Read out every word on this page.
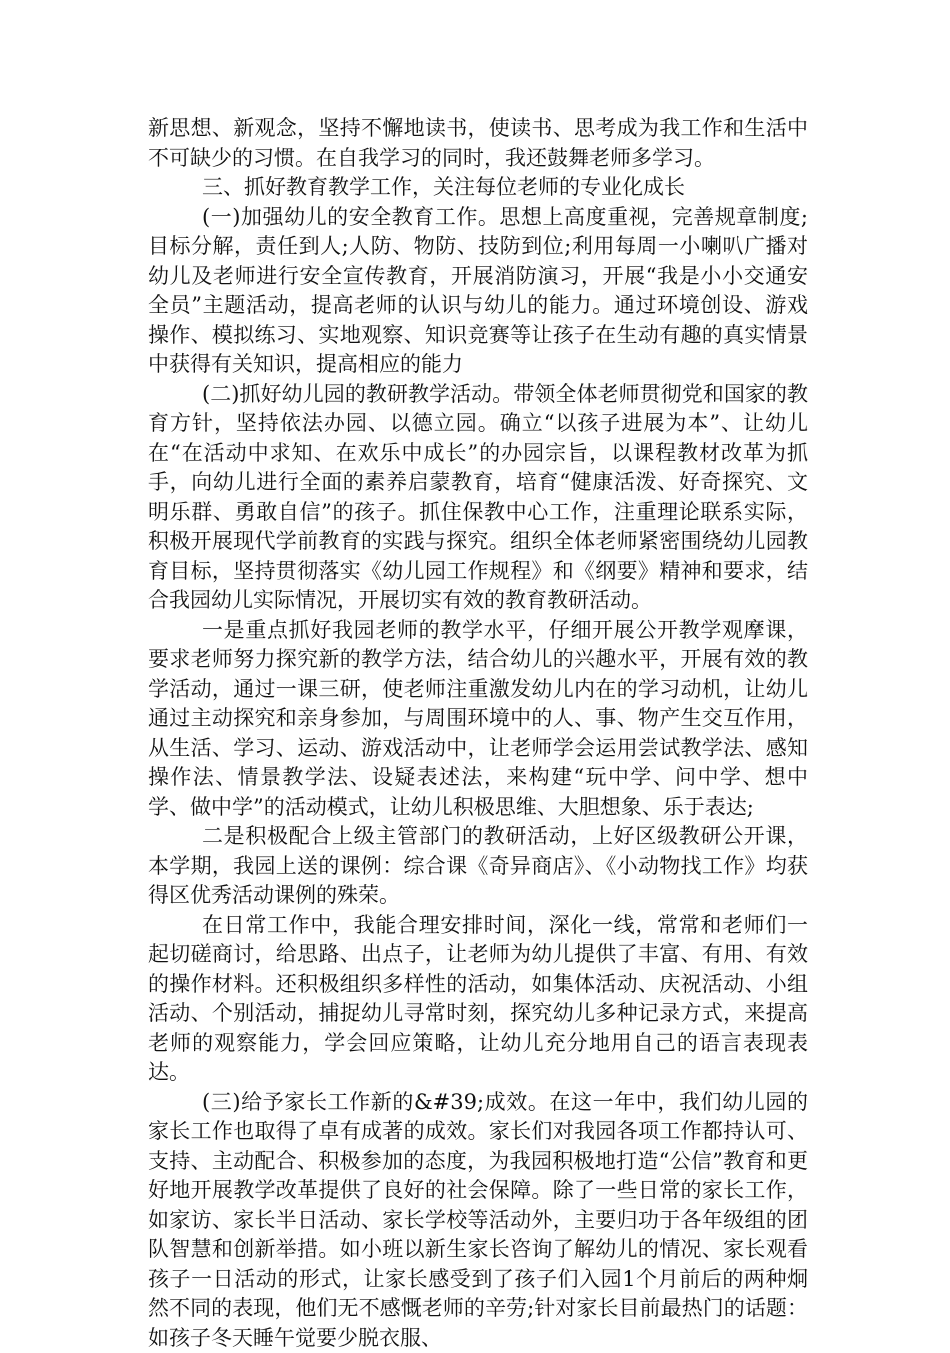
新思想、新观念，坚持不懈地读书，使读书、思考成为我工作和生活中不可缺少的习惯。在自我学习的同时，我还鼓舞老师多学习。

三、抓好教育教学工作，关注每位老师的专业化成长

(一)加强幼儿的安全教育工作。思想上高度重视，完善规章制度;目标分解，责任到人;人防、物防、技防到位;利用每周一小喇叭广播对幼儿及老师进行安全宣传教育，开展消防演习，开展“我是小小交通安全员”主题活动，提高老师的认识与幼儿的能力。通过环境创设、游戏操作、模拟练习、实地观察、知识竞赛等让孩子在生动有趣的真实情景中获得有关知识，提高相应的能力

(二)抓好幼儿园的教研教学活动。带领全体老师贯彻党和国家的教育方针，坚持依法办园、以德立园。确立“以孩子进展为本”、让幼儿在“在活动中求知、在欢乐中成长”的办园宗旨，以课程教材改革为抓手，向幼儿进行全面的素养启蒙教育，培育“健康活泼、好奇探究、文明乐群、勇敢自信”的孩子。抓住保教中心工作，注重理论联系实际，积极开展现代学前教育的实践与探究。组织全体老师紧密围绕幼儿园教育目标，坚持贯彻落实《幼儿园工作规程》和《纲要》精神和要求，结合我园幼儿实际情况，开展切实有效的教育教研活动。

一是重点抓好我园老师的教学水平，仔细开展公开教学观摩课，要求老师努力探究新的教学方法，结合幼儿的兴趣水平，开展有效的教学活动，通过一课三研，使老师注重激发幼儿内在的学习动机，让幼儿通过主动探究和亲身参加，与周围环境中的人、事、物产生交互作用，从生活、学习、运动、游戏活动中，让老师学会运用尝试教学法、感知操作法、情景教学法、设疑表述法，来构建“玩中学、问中学、想中学、做中学”的活动模式，让幼儿积极思维、大胆想象、乐于表达;

二是积极配合上级主管部门的教研活动，上好区级教研公开课，本学期，我园上送的课例：综合课《奇异商店》、《小动物找工作》均获得区优秀活动课例的殊荣。

在日常工作中，我能合理安排时间，深化一线，常常和老师们一起切磋商讨，给思路、出点子，让老师为幼儿提供了丰富、有用、有效的操作材料。还积极组织多样性的活动，如集体活动、庆祝活动、小组活动、个别活动，捕捉幼儿寻常时刻，探究幼儿多种记录方式，来提高老师的观察能力，学会回应策略，让幼儿充分地用自己的语言表现表达。

(三)给予家长工作新的&#39;成效。在这一年中，我们幼儿园的家长工作也取得了卓有成著的成效。家长们对我园各项工作都持认可、支持、主动配合、积极参加的态度，为我园积极地打造“公信”教育和更好地开展教学改革提供了良好的社会保障。除了一些日常的家长工作，如家访、家长半日活动、家长学校等活动外，主要归功于各年级组的团队智慧和创新举措。如小班以新生家长咨询了解幼儿的情况、家长观看孩子一日活动的形式，让家长感受到了孩子们入园1个月前后的两种炯然不同的表现，他们无不感慨老师的辛劳;针对家长目前最热门的话题：如孩子冬天睡午觉要少脱衣服、
